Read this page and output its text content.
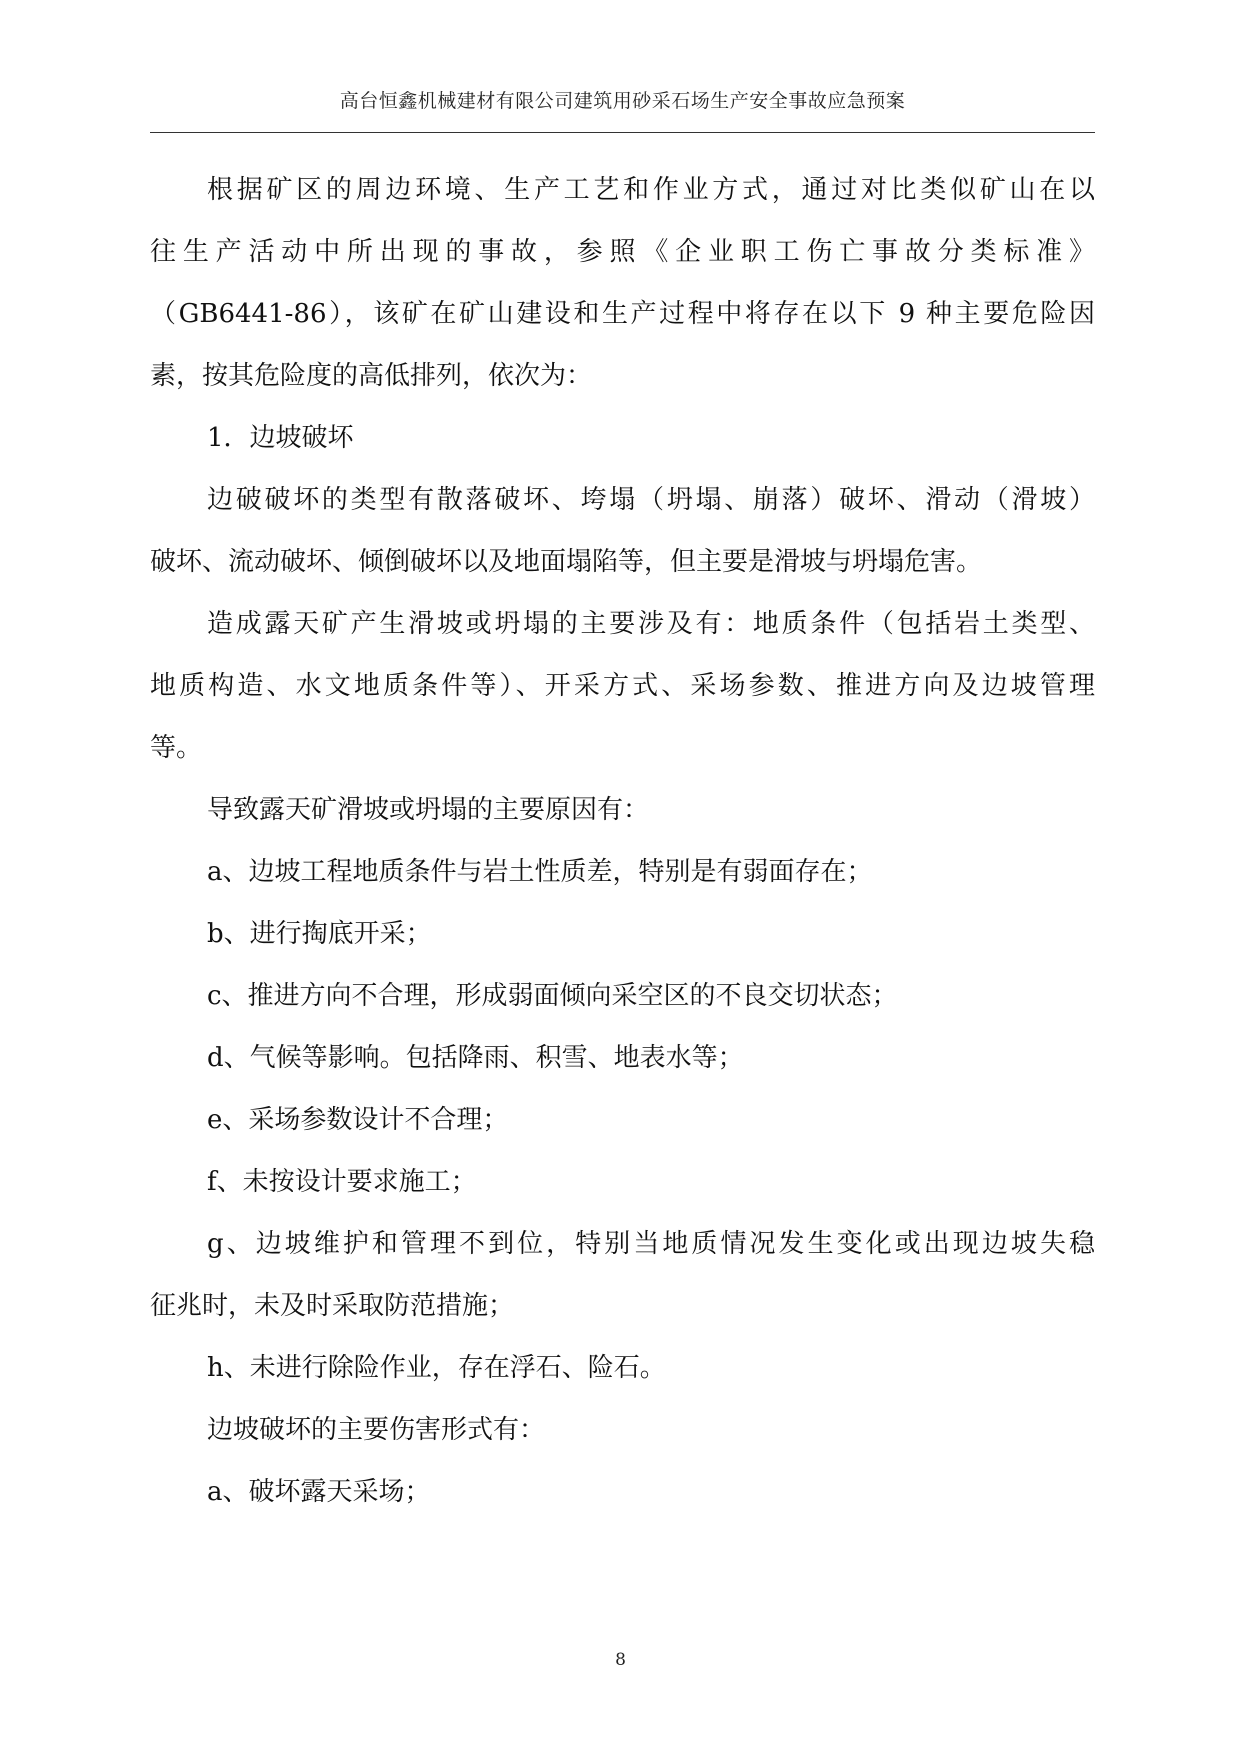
高台恒鑫机械建材有限公司建筑用砂采石场生产安全事故应急预案
根据矿区的周边环境、生产工艺和作业方式，通过对比类似矿山在以
往生产活动中所出现的事故，参照《企业职工伤亡事故分类标准》
（GB6441-86），该矿在矿山建设和生产过程中将存在以下 9 种主要危险因
素，按其危险度的高低排列，依次为：
1．边坡破坏
边破破坏的类型有散落破坏、垮塌（坍塌、崩落）破坏、滑动（滑坡）
破坏、流动破坏、倾倒破坏以及地面塌陷等，但主要是滑坡与坍塌危害。
造成露天矿产生滑坡或坍塌的主要涉及有：地质条件（包括岩土类型、
地质构造、水文地质条件等）、开采方式、采场参数、推进方向及边坡管理
等。
导致露天矿滑坡或坍塌的主要原因有：
a、边坡工程地质条件与岩土性质差，特别是有弱面存在；
b、进行掏底开采；
c、推进方向不合理，形成弱面倾向采空区的不良交切状态；
d、气候等影响。包括降雨、积雪、地表水等；
e、采场参数设计不合理；
f、未按设计要求施工；
g、边坡维护和管理不到位，特别当地质情况发生变化或出现边坡失稳
征兆时，未及时采取防范措施；
h、未进行除险作业，存在浮石、险石。
边坡破坏的主要伤害形式有：
a、破坏露天采场；
8
